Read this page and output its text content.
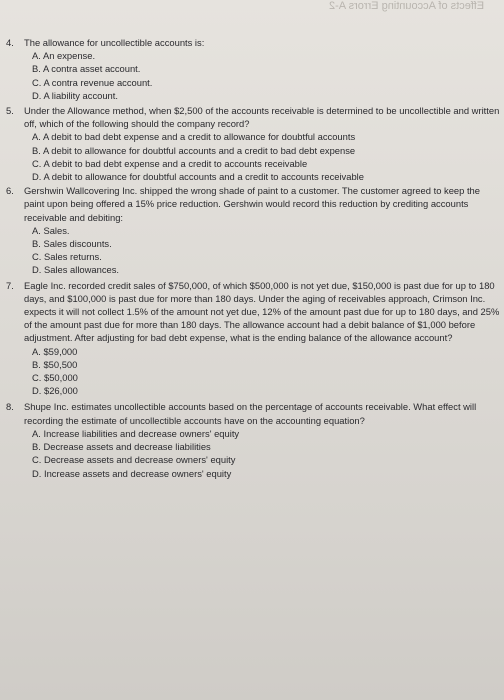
Effects of Accounting Errors A-2
4.	The allowance for uncollectible accounts is:
A. An expense.
B. A contra asset account.
C. A contra revenue account.
D. A liability account.
5.	Under the Allowance method, when $2,500 of the accounts receivable is determined to be uncollectible and written off, which of the following should the company record?
A. A debit to bad debt expense and a credit to allowance for doubtful accounts
B. A debit to allowance for doubtful accounts and a credit to bad debt expense
C. A debit to bad debt expense and a credit to accounts receivable
D. A debit to allowance for doubtful accounts and a credit to accounts receivable
6.	Gershwin Wallcovering Inc. shipped the wrong shade of paint to a customer. The customer agreed to keep the paint upon being offered a 15% price reduction. Gershwin would record this reduction by crediting accounts receivable and debiting:
A. Sales.
B. Sales discounts.
C. Sales returns.
D. Sales allowances.
7.	Eagle Inc. recorded credit sales of $750,000, of which $500,000 is not yet due, $150,000 is past due for up to 180 days, and $100,000 is past due for more than 180 days. Under the aging of receivables approach, Crimson Inc. expects it will not collect 1.5% of the amount not yet due, 12% of the amount past due for up to 180 days, and 25% of the amount past due for more than 180 days. The allowance account had a debit balance of $1,000 before adjustment. After adjusting for bad debt expense, what is the ending balance of the allowance account?
A. $59,000
B. $50,500
C. $50,000
D. $26,000
8.	Shupe Inc. estimates uncollectible accounts based on the percentage of accounts receivable. What effect will recording the estimate of uncollectible accounts have on the accounting equation?
A. Increase liabilities and decrease owners' equity
B. Decrease assets and decrease liabilities
C. Decrease assets and decrease owners' equity
D. Increase assets and decrease owners' equity
